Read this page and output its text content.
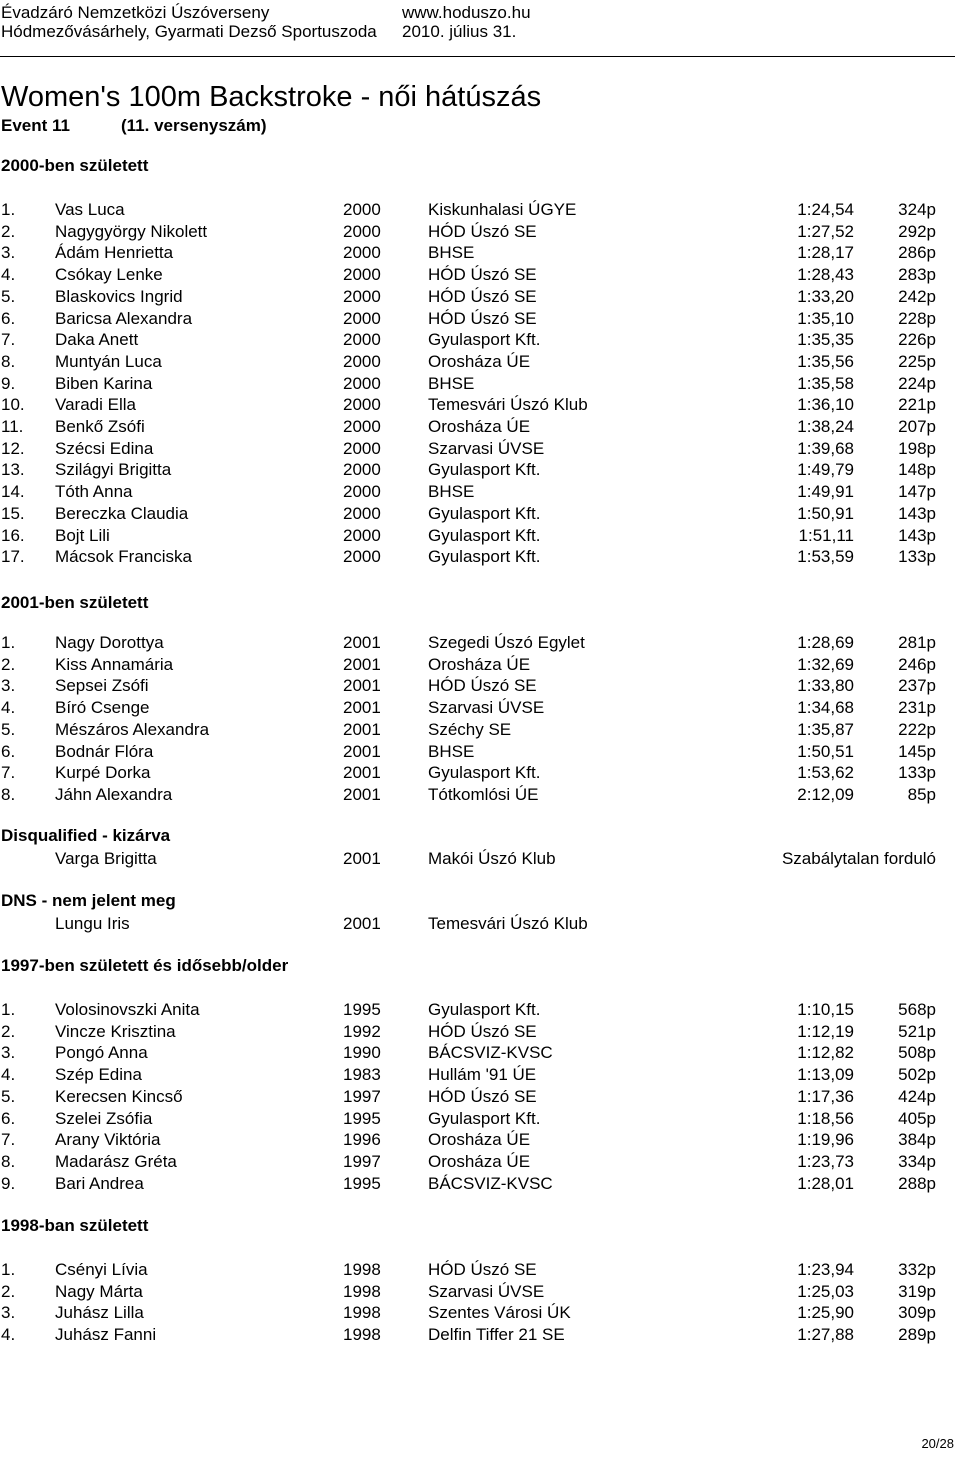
Évadzáró Nemzetközi Úszóverseny	www.hoduszo.hu
Hódmezővásárhely, Gyarmati Dezső Sportuszoda 2010. július 31.
Women's 100m Backstroke - női hátúszás
Event 11	(11. versenyszám)
2000-ben született
1. Vas Luca	2000	Kiskunhalasi ÚGYE	1:24,54	324p
2. Nagygyörgy Nikolett	2000	HÓD Úszó SE	1:27,52	292p
3. Ádám Henrietta	2000	BHSE	1:28,17	286p
4. Csókay Lenke	2000	HÓD Úszó SE	1:28,43	283p
5. Blaskovics Ingrid	2000	HÓD Úszó SE	1:33,20	242p
6. Baricsa Alexandra	2000	HÓD Úszó SE	1:35,10	228p
7. Daka Anett	2000	Gyulasport Kft.	1:35,35	226p
8. Muntyán Luca	2000	Orosháza ÚE	1:35,56	225p
9. Biben Karina	2000	BHSE	1:35,58	224p
10. Varadi Ella	2000	Temesvári Úszó Klub	1:36,10	221p
11. Benkő Zsófi	2000	Orosháza ÚE	1:38,24	207p
12. Szécsi Edina	2000	Szarvasi ÚVSE	1:39,68	198p
13. Szilágyi Brigitta	2000	Gyulasport Kft.	1:49,79	148p
14. Tóth Anna	2000	BHSE	1:49,91	147p
15. Bereczka Claudia	2000	Gyulasport Kft.	1:50,91	143p
16. Bojt Lili	2000	Gyulasport Kft.	1:51,11	143p
17. Mácsok Franciska	2000	Gyulasport Kft.	1:53,59	133p
2001-ben született
1. Nagy Dorottya	2001	Szegedi Úszó Egylet	1:28,69	281p
2. Kiss Annamária	2001	Orosháza ÚE	1:32,69	246p
3. Sepsei Zsófi	2001	HÓD Úszó SE	1:33,80	237p
4. Bíró Csenge	2001	Szarvasi ÚVSE	1:34,68	231p
5. Mészáros Alexandra	2001	Széchy SE	1:35,87	222p
6. Bodnár Flóra	2001	BHSE	1:50,51	145p
7. Kurpé Dorka	2001	Gyulasport Kft.	1:53,62	133p
8. Jáhn Alexandra	2001	Tótkomlósi ÚE	2:12,09	85p
Disqualified - kizárva
Varga Brigitta	2001	Makói Úszó Klub	Szabálytalan forduló
DNS - nem jelent meg
Lungu Iris	2001	Temesvári Úszó Klub
1997-ben született és idősebb/older
1. Volosinovszki Anita	1995	Gyulasport Kft.	1:10,15	568p
2. Vincze Krisztina	1992	HÓD Úszó SE	1:12,19	521p
3. Pongó Anna	1990	BÁCSVIZ-KVSC	1:12,82	508p
4. Szép Edina	1983	Hullám '91 ÚE	1:13,09	502p
5. Kerecsen Kincső	1997	HÓD Úszó SE	1:17,36	424p
6. Szelei Zsófia	1995	Gyulasport Kft.	1:18,56	405p
7. Arany Viktória	1996	Orosháza ÚE	1:19,96	384p
8. Madarász Gréta	1997	Orosháza ÚE	1:23,73	334p
9. Bari Andrea	1995	BÁCSVIZ-KVSC	1:28,01	288p
1998-ban született
1. Csényi Lívia	1998	HÓD Úszó SE	1:23,94	332p
2. Nagy Márta	1998	Szarvasi ÚVSE	1:25,03	319p
3. Juhász Lilla	1998	Szentes Városi ÚK	1:25,90	309p
4. Juhász Fanni	1998	Delfin Tiffer 21 SE	1:27,88	289p
20/28
